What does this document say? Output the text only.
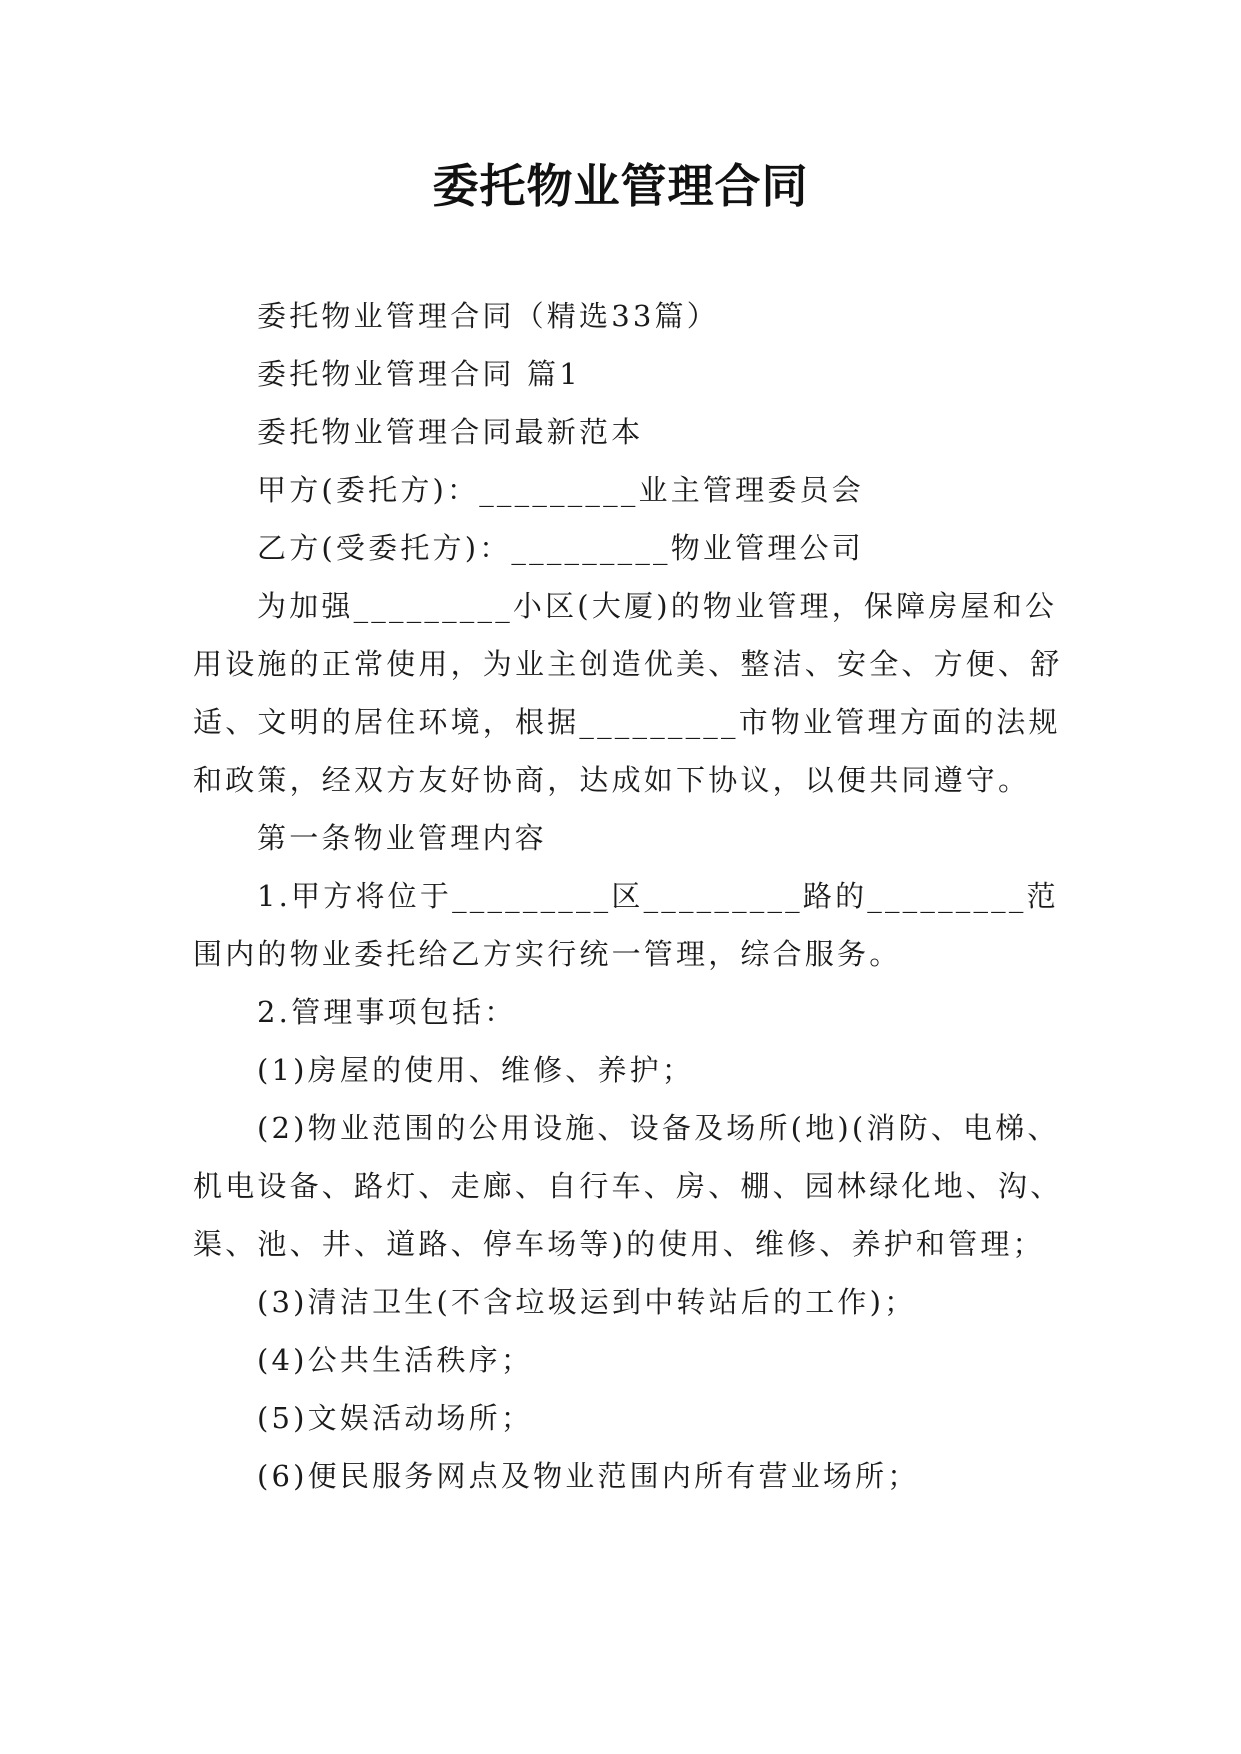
委托物业管理合同

委托物业管理合同（精选33篇）

委托物业管理合同 篇1

委托物业管理合同最新范本

甲方(委托方)：_________业主管理委员会

乙方(受委托方)：_________物业管理公司

为加强_________小区(大厦)的物业管理，保障房屋和公用设施的正常使用，为业主创造优美、整洁、安全、方便、舒适、文明的居住环境，根据_________市物业管理方面的法规和政策，经双方友好协商，达成如下协议，以便共同遵守。

第一条物业管理内容

1.甲方将位于_________区_________路的_________范围内的物业委托给乙方实行统一管理，综合服务。

2.管理事项包括：

(1)房屋的使用、维修、养护；

(2)物业范围的公用设施、设备及场所(地)(消防、电梯、机电设备、路灯、走廊、自行车、房、棚、园林绿化地、沟、渠、池、井、道路、停车场等)的使用、维修、养护和管理；

(3)清洁卫生(不含垃圾运到中转站后的工作)；

(4)公共生活秩序；

(5)文娱活动场所；

(6)便民服务网点及物业范围内所有营业场所；
